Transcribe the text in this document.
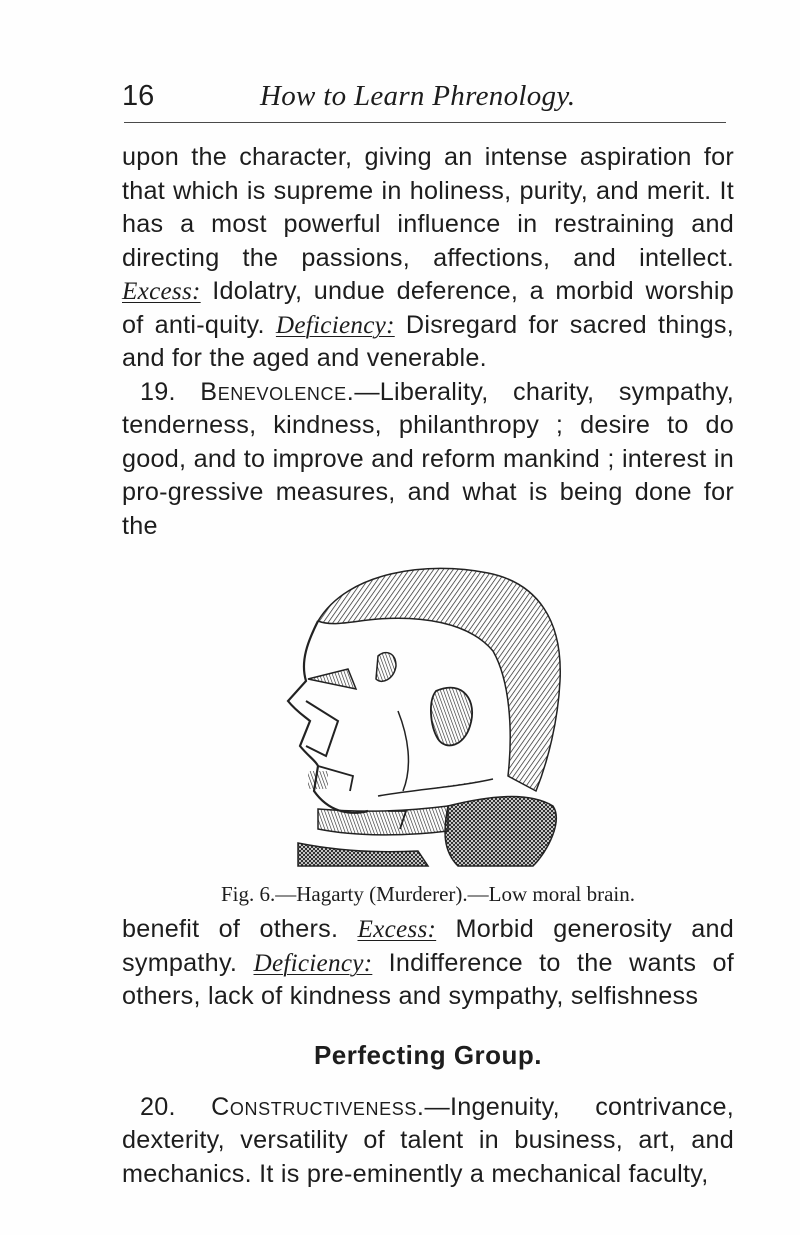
16	How to Learn Phrenology.

upon the character, giving an intense aspiration for that which is supreme in holiness, purity, and merit. It has a most powerful influence in restraining and directing the passions, affections, and intellect. Excess: Idolatry, undue deference, a morbid worship of anti-quity. Deficiency: Disregard for sacred things, and for the aged and venerable.

19. Benevolence.—Liberality, charity, sympathy, tenderness, kindness, philanthropy ; desire to do good, and to improve and reform mankind ; interest in pro-gressive measures, and what is being done for the

Fig. 6.—Hagarty (Murderer).—Low moral brain.

benefit of others. Excess: Morbid generosity and sympathy. Deficiency: Indifference to the wants of others, lack of kindness and sympathy, selfishness

Perfecting Group.

20. Constructiveness.—Ingenuity, contrivance, dexterity, versatility of talent in business, art, and mechanics. It is pre-eminently a mechanical faculty,
